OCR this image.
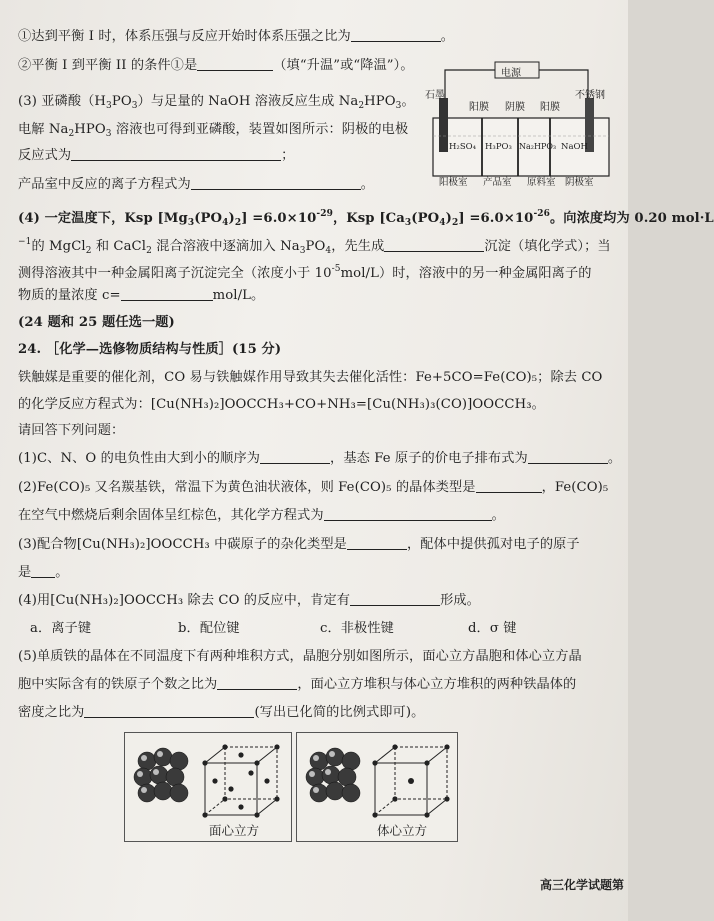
①达到平衡 I 时，体系压强与反应开始时体系压强之比为	。
②平衡 I 到平衡 II 的条件①是	（填“升温”或“降温”）。
(3) 亚磷酸$(H_3PO_3)$与足量的 NaOH 溶液反应生成 $Na_2HPO_3$。
电解 $Na_2HPO_3$ 溶液也可得到亚磷酸，装置如图所示：阴极的电极
反应式为	；
产品室中反应的离子方程式为	。
电源
石墨
阳膜 阴膜 阳膜
不锈钢
H₂SO₄ H₃PO₃ Na₂HPO₃ NaOH
阳极室 产品室 原料室 阴极室
(4) 一定温度下，Ksp $[Mg_3(PO_4)_2] =6.0\times 10^{-29}$，Ksp $[Ca_3(PO_4)_2] =6.0\times 10^{-26}$。向浓度均为 0.20 mol·L
$^{-1}$的 MgCl$_2$ 和 CaCl$_2$ 混合溶液中逐滴加入 $Na_3PO_4$，先生成	沉淀（填化学式）；当
测得溶液其中一种金属阳离子沉淀完全（浓度小于 $10^{-5}mol/L$）时，溶液中的另一种金属阳离子的
物质的量浓度 c=	mol/L。
(24 题和 25 题任选一题)
24. ［化学—选修物质结构与性质］(15 分)
铁触媒是重要的催化剂，CO 易与铁触媒作用导致其失去催化活性：Fe+5CO=Fe(CO)₅；除去 CO
的化学反应方程式为：[Cu(NH₃)₂]OOCCH₃+CO+NH₃=[Cu(NH₃)₃(CO)]OOCCH₃。
请回答下列问题：
(1)C、N、O 的电负性由大到小的顺序为	，基态 Fe 原子的价电子排布式为	。
(2)Fe(CO)₅ 又名羰基铁，常温下为黄色油状液体，则 Fe(CO)₅ 的晶体类型是	，Fe(CO)₅
在空气中燃烧后剩余固体呈红棕色，其化学方程式为	。
(3)配合物[Cu(NH₃)₂]OOCCH₃ 中碳原子的杂化类型是	，配体中提供孤对电子的原子
是 。
(4)用[Cu(NH₃)₂]OOCCH₃ 除去 CO 的反应中，肯定有	形成。
a．离子键	b．配位键	c．非极性键	d．σ 键
(5)单质铁的晶体在不同温度下有两种堆积方式，晶胞分别如图所示，面心立方晶胞和体心立方晶
胞中实际含有的铁原子个数之比为	，面心立方堆积与体心立方堆积的两种铁晶体的
密度之比为	(写出已化简的比例式即可)。
面心立方	体心立方
高三化学试题第
